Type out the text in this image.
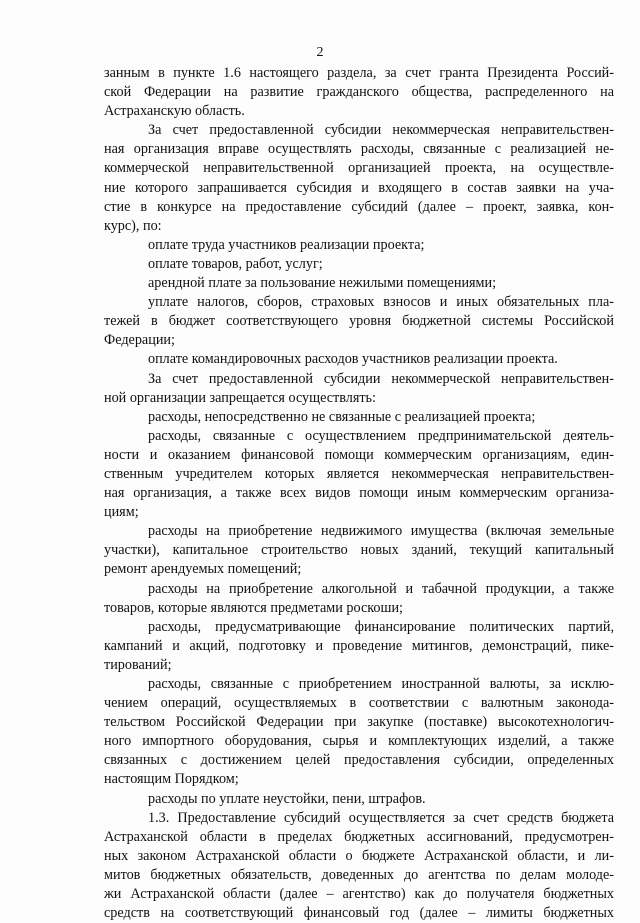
2
занным в пункте 1.6 настоящего раздела, за счет гранта Президента Россий-
ской Федерации на развитие гражданского общества, распределенного на
Астраханскую область.
За счет предоставленной субсидии некоммерческая неправительствен-
ная организация вправе осуществлять расходы, связанные с реализацией не-
коммерческой неправительственной организацией проекта, на осуществле-
ние которого запрашивается субсидия и входящего в состав заявки на уча-
стие в конкурсе на предоставление субсидий (далее – проект, заявка, кон-
курс), по:
оплате труда участников реализации проекта;
оплате товаров, работ, услуг;
арендной плате за пользование нежилыми помещениями;
уплате налогов, сборов, страховых взносов и иных обязательных пла-
тежей в бюджет соответствующего уровня бюджетной системы Российской
Федерации;
оплате командировочных расходов участников реализации проекта.
За счет предоставленной субсидии некоммерческой неправительствен-
ной организации запрещается осуществлять:
расходы, непосредственно не связанные с реализацией проекта;
расходы, связанные с осуществлением предпринимательской деятель-
ности и оказанием финансовой помощи коммерческим организациям, един-
ственным учредителем которых является некоммерческая неправительствен-
ная организация, а также всех видов помощи иным коммерческим организа-
циям;
расходы на приобретение недвижимого имущества (включая земельные
участки), капитальное строительство новых зданий, текущий капитальный
ремонт арендуемых помещений;
расходы на приобретение алкогольной и табачной продукции, а также
товаров, которые являются предметами роскоши;
расходы, предусматривающие финансирование политических партий,
кампаний и акций, подготовку и проведение митингов, демонстраций, пике-
тирований;
расходы, связанные с приобретением иностранной валюты, за исклю-
чением операций, осуществляемых в соответствии с валютным законода-
тельством Российской Федерации при закупке (поставке) высокотехнологич-
ного импортного оборудования, сырья и комплектующих изделий, а также
связанных с достижением целей предоставления субсидии, определенных
настоящим Порядком;
расходы по уплате неустойки, пени, штрафов.
1.3. Предоставление субсидий осуществляется за счет средств бюджета
Астраханской области в пределах бюджетных ассигнований, предусмотрен-
ных законом Астраханской области о бюджете Астраханской области, и ли-
митов бюджетных обязательств, доведенных до агентства по делам молоде-
жи Астраханской области (далее – агентство) как до получателя бюджетных
средств на соответствующий финансовый год (далее – лимиты бюджетных
